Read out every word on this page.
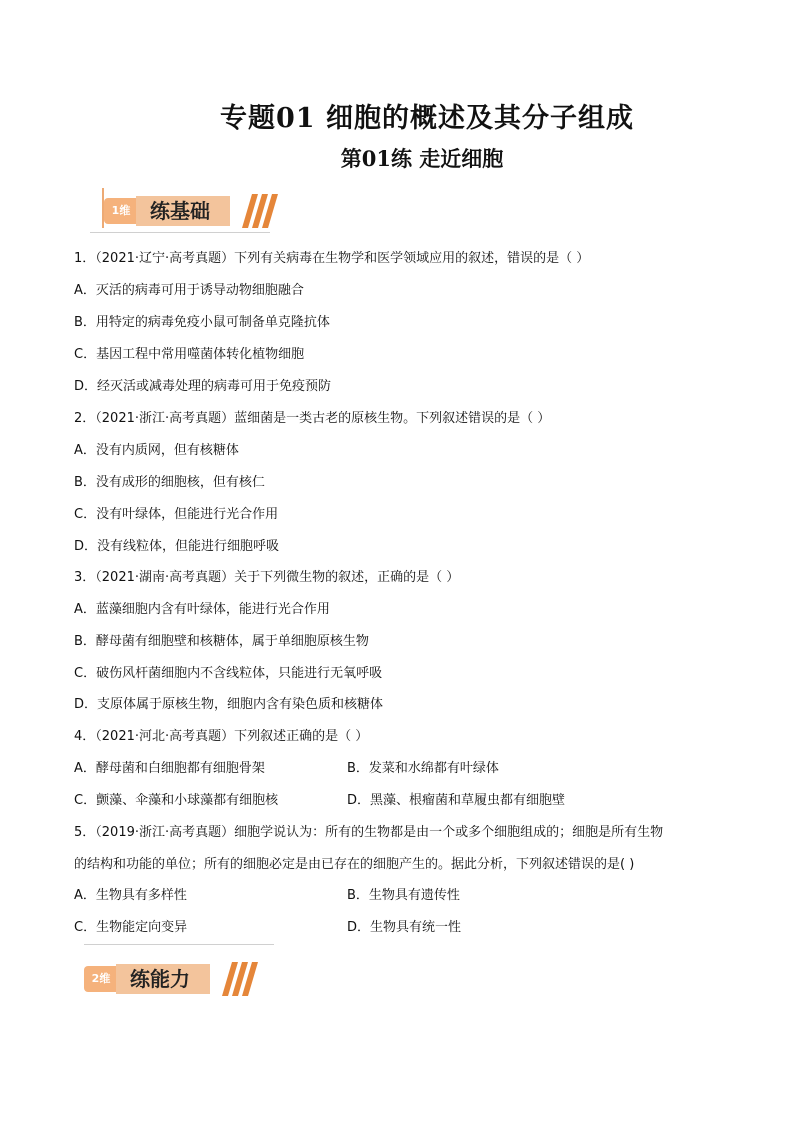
专题01 细胞的概述及其分子组成
第01练 走近细胞
1维 练基础
1．（2021·辽宁·高考真题）下列有关病毒在生物学和医学领域应用的叙述，错误的是（ ）
A．灭活的病毒可用于诱导动物细胞融合
B．用特定的病毒免疫小鼠可制备单克隆抗体
C．基因工程中常用噬菌体转化植物细胞
D．经灭活或减毒处理的病毒可用于免疫预防
2．（2021·浙江·高考真题）蓝细菌是一类古老的原核生物。下列叙述错误的是（ ）
A．没有内质网，但有核糖体
B．没有成形的细胞核，但有核仁
C．没有叶绿体，但能进行光合作用
D．没有线粒体，但能进行细胞呼吸
3．（2021·湖南·高考真题）关于下列微生物的叙述，正确的是（ ）
A．蓝藻细胞内含有叶绿体，能进行光合作用
B．酵母菌有细胞壁和核糖体，属于单细胞原核生物
C．破伤风杆菌细胞内不含线粒体，只能进行无氧呼吸
D．支原体属于原核生物，细胞内含有染色质和核糖体
4．（2021·河北·高考真题）下列叙述正确的是（ ）
A．酵母菌和白细胞都有细胞骨架	B．发菜和水绵都有叶绿体
C．颤藻、伞藻和小球藻都有细胞核	D．黑藻、根瘤菌和草履虫都有细胞壁
5．（2019·浙江·高考真题）细胞学说认为：所有的生物都是由一个或多个细胞组成的；细胞是所有生物
的结构和功能的单位；所有的细胞必定是由已存在的细胞产生的。据此分析，下列叙述错误的是( )
A．生物具有多样性	B．生物具有遗传性
C．生物能定向变异	D．生物具有统一性
2维 练能力
